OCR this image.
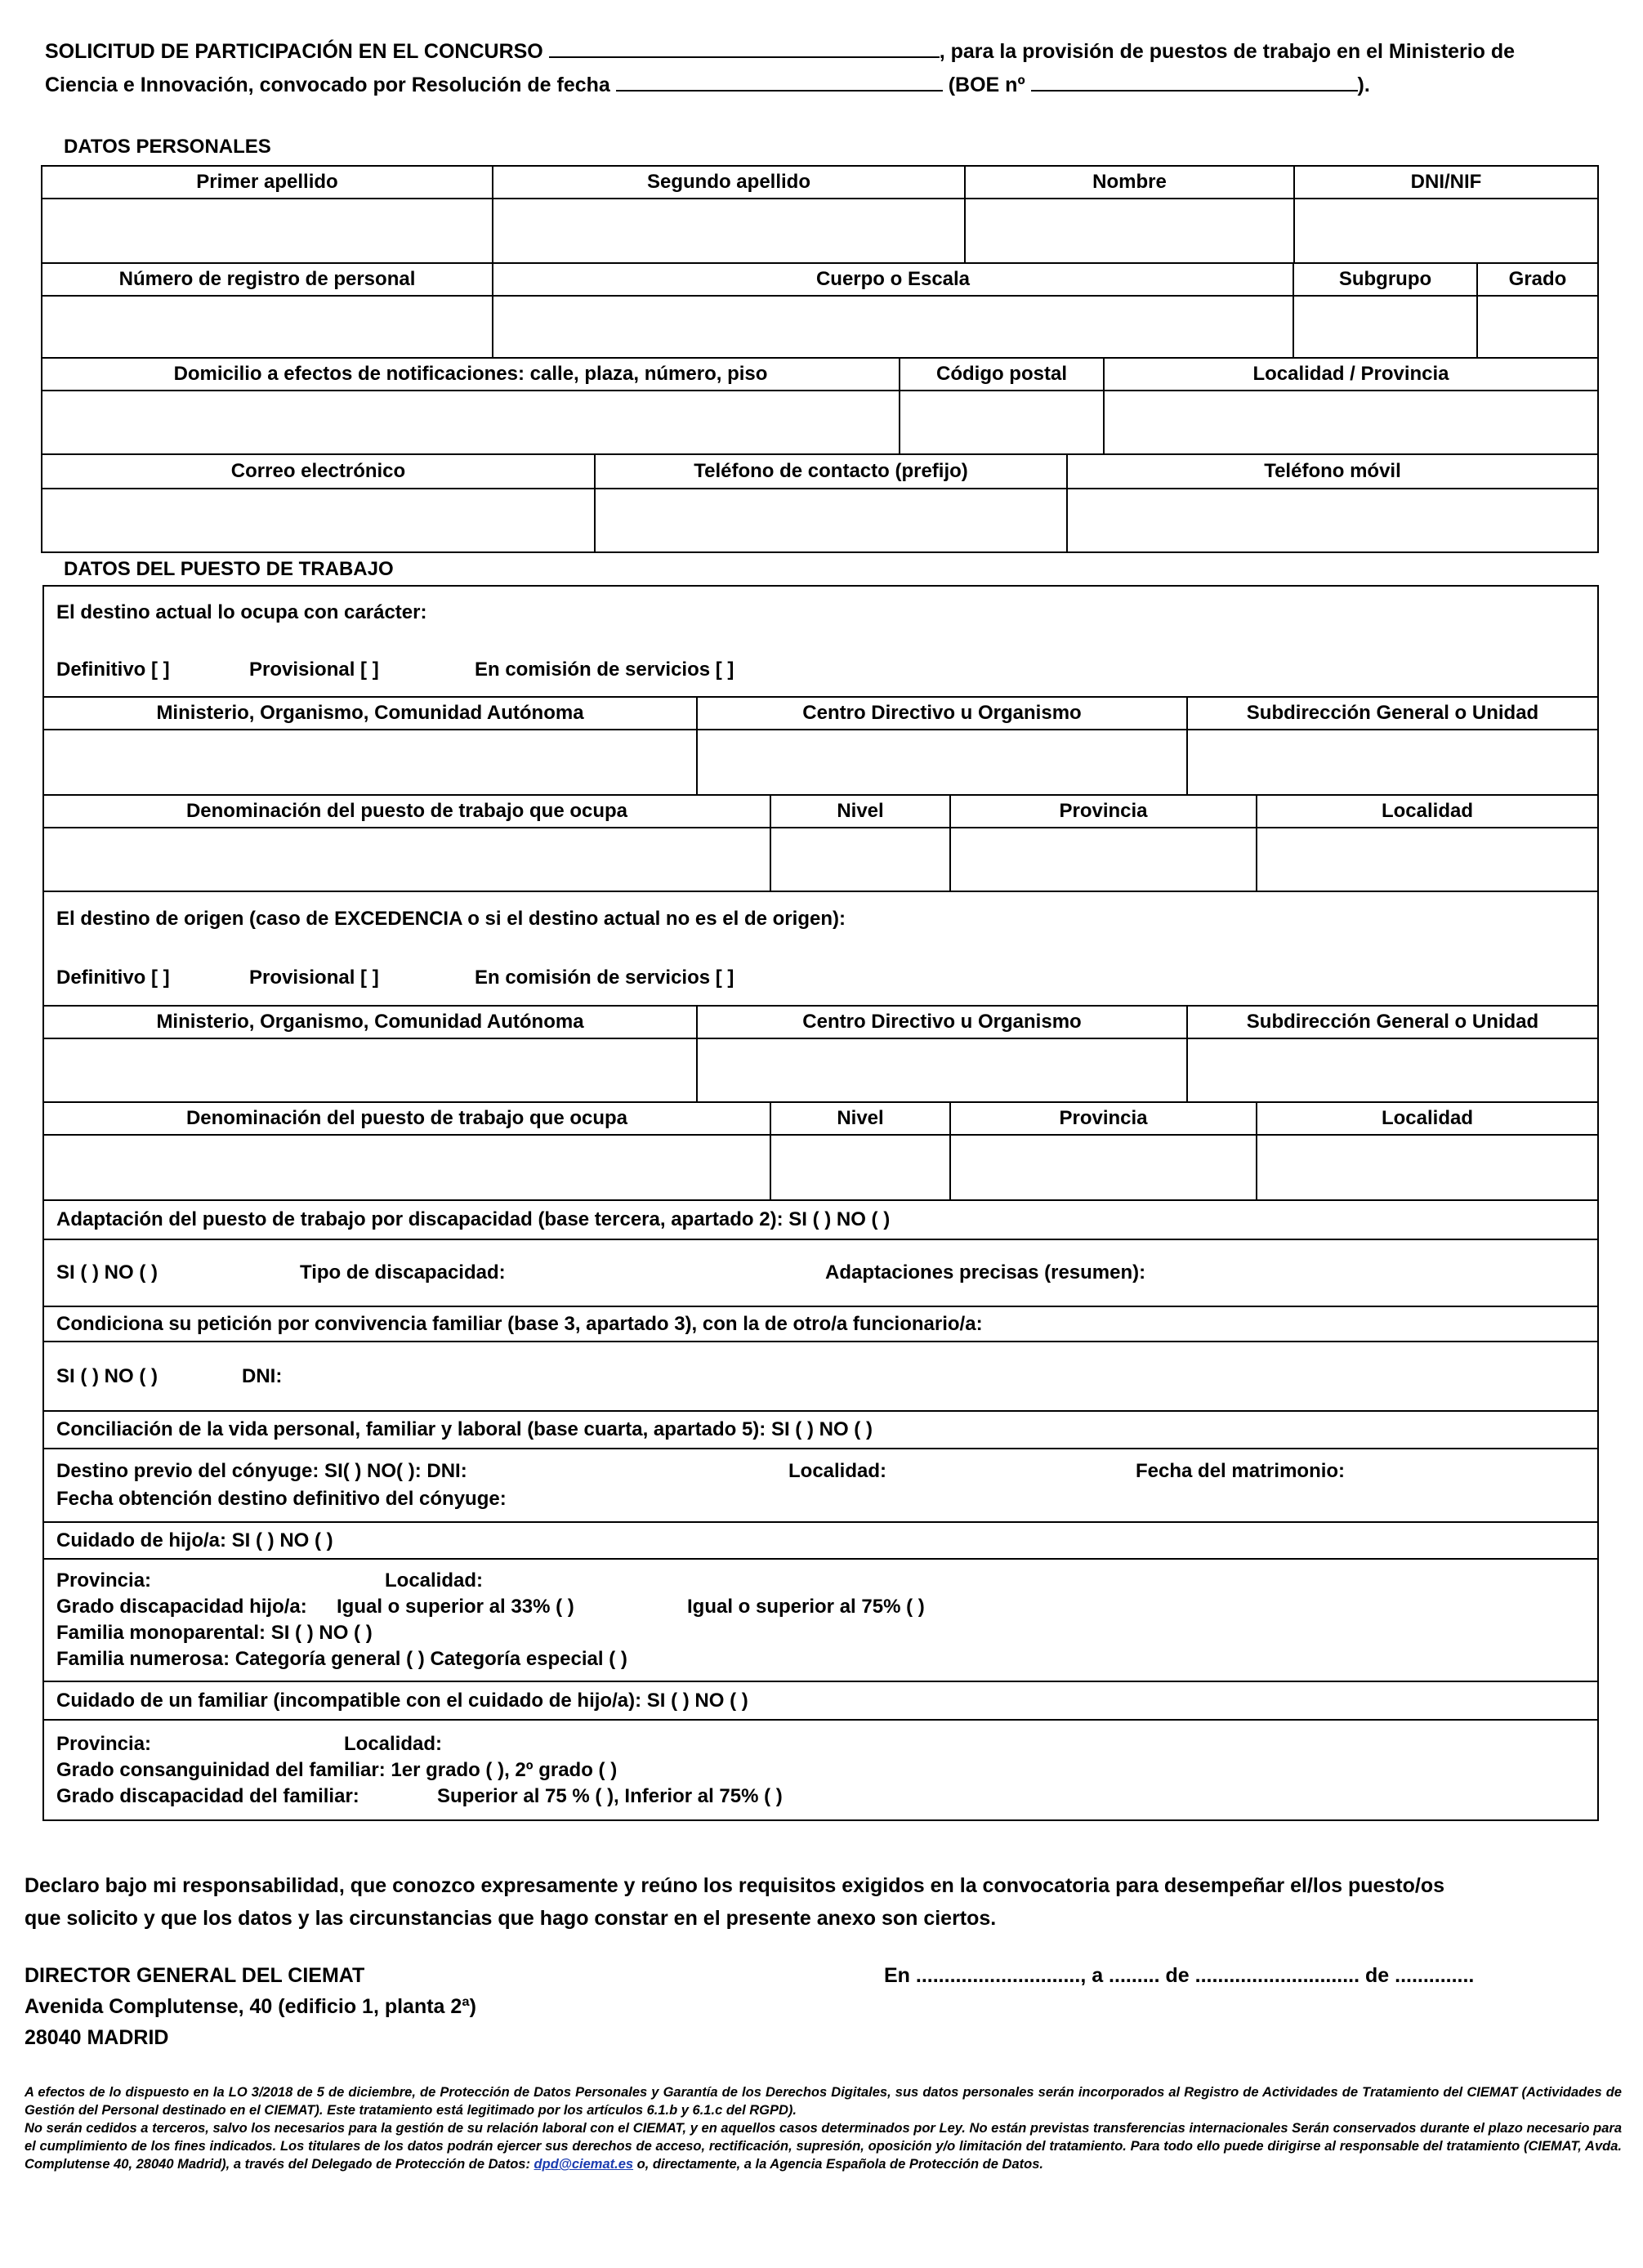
SOLICITUD DE PARTICIPACIÓN EN EL CONCURSO	, para la provisión de puestos de trabajo en el Ministerio de
Ciencia e Innovación, convocado por Resolución de fecha	(BOE nº	).
DATOS PERSONALES
Primer apellido	Segundo apellido	Nombre	DNI/NIF

Número de registro de personal	Cuerpo o Escala	Subgrupo	Grado

Domicilio a efectos de notificaciones: calle, plaza, número, piso	Código postal	Localidad / Provincia

Correo electrónico	Teléfono de contacto (prefijo)	Teléfono móvil

DATOS DEL PUESTO DE TRABAJO
El destino actual lo ocupa con carácter:
Definitivo [ ] Provisional [ ] En comisión de servicios [ ]		

Ministerio, Organismo, Comunidad Autónoma	Centro Directivo u Organismo	Subdirección General o Unidad

Denominación del puesto de trabajo que ocupa	Nivel	Provincia	Localidad

El destino de origen (caso de EXCEDENCIA o si el destino actual no es el de origen):
Definitivo [ ] Provisional [ ] En comisión de servicios [ ]		

Ministerio, Organismo, Comunidad Autónoma	Centro Directivo u Organismo	Subdirección General o Unidad

Denominación del puesto de trabajo que ocupa	Nivel	Provincia	Localidad

Adaptación del puesto de trabajo por discapacidad (base tercera, apartado 2): SI ( ) NO ( )

SI ( ) NO ( )	Tipo de discapacidad:	Adaptaciones precisas (resumen):

Condiciona su petición por convivencia familiar (base 3, apartado 3), con la de otro/a funcionario/a:

SI ( ) NO ( )	DNI:

Conciliación de la vida personal, familiar y laboral (base cuarta, apartado 5): SI ( ) NO ( )

Destino previo del cónyuge: SI( ) NO( ): DNI:	Localidad:	Fecha del matrimonio:
Fecha obtención destino definitivo del cónyuge:

Cuidado de hijo/a: SI ( ) NO ( )

Provincia:	Localidad:
Grado discapacidad hijo/a:	Igual o superior al 33% ( )	Igual o superior al 75% ( )
Familia monoparental: SI ( ) NO ( )
Familia numerosa: Categoría general ( ) Categoría especial ( )

Cuidado de un familiar (incompatible con el cuidado de hijo/a): SI ( ) NO ( )

Provincia:	Localidad:
Grado consanguinidad del familiar: 1er grado ( ), 2º grado ( )
Grado discapacidad del familiar:	Superior al 75 % ( ), Inferior al 75% ( )
Declaro bajo mi responsabilidad, que conozco expresamente y reúno los requisitos exigidos en la convocatoria para desempeñar el/los puesto/os
que solicito y que los datos y las circunstancias que hago constar en el presente anexo son ciertos.
DIRECTOR GENERAL DEL CIEMAT
Avenida Complutense, 40 (edificio 1, planta 2ª)
28040 MADRID
En ............................., a ......... de ............................. de ..............
A efectos de lo dispuesto en la LO 3/2018 de 5 de diciembre, de Protección de Datos Personales y Garantía de los Derechos Digitales, sus datos personales serán incorporados al Registro de Actividades de Tratamiento del CIEMAT (Actividades de Gestión del Personal destinado en el CIEMAT). Este tratamiento está legitimado por los artículos 6.1.b y 6.1.c del RGPD).
No serán cedidos a terceros, salvo los necesarios para la gestión de su relación laboral con el CIEMAT, y en aquellos casos determinados por Ley. No están previstas transferencias internacionales Serán conservados durante el plazo necesario para el cumplimiento de los fines indicados. Los titulares de los datos podrán ejercer sus derechos de acceso, rectificación, supresión, oposición y/o limitación del tratamiento. Para todo ello puede dirigirse al responsable del tratamiento (CIEMAT, Avda. Complutense 40, 28040 Madrid), a través del Delegado de Protección de Datos: dpd@ciemat.es o, directamente, a la Agencia Española de Protección de Datos.
